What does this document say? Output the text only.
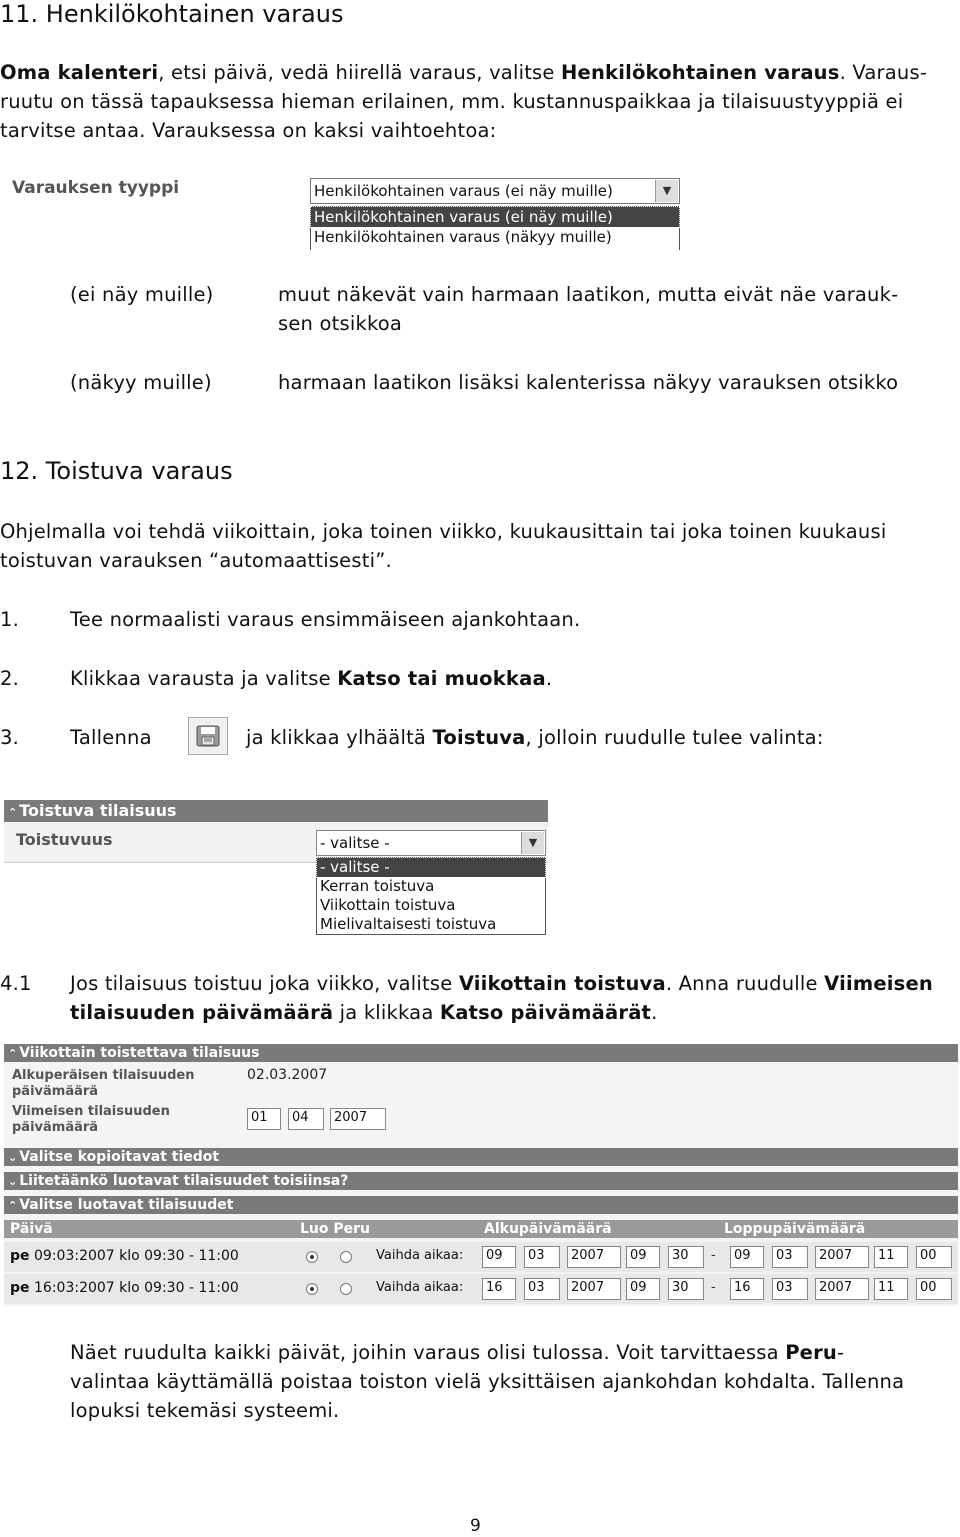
11. Henkilökohtainen varaus
Oma kalenteri, etsi päivä, vedä hiirellä varaus, valitse Henkilökohtainen varaus. Varaus-
ruutu on tässä tapauksessa hieman erilainen, mm. kustannuspaikkaa ja tilaisuustyyppiä ei
tarvitse antaa. Varauksessa on kaksi vaihtoehtoa:
Varauksen tyyppi	Henkilökohtainen varaus (ei näy muille)	▼
Henkilökohtainen varaus (ei näy muille)
Henkilökohtainen varaus (näkyy muille)
(ei näy muille)	muut näkevät vain harmaan laatikon, mutta eivät näe varauk-
sen otsikkoa
(näkyy muille)	harmaan laatikon lisäksi kalenterissa näkyy varauksen otsikko
12. Toistuva varaus
Ohjelmalla voi tehdä viikoittain, joka toinen viikko, kuukausittain tai joka toinen kuukausi
toistuvan varauksen “automaattisesti”.
1.	Tee normaalisti varaus ensimmäiseen ajankohtaan.
2.	Klikkaa varausta ja valitse Katso tai muokkaa.
3.	Tallenna	ja klikkaa ylhäältä Toistuva, jolloin ruudulle tulee valinta:
⌃ Toistuva tilaisuus
Toistuvuus	- valitse -	▼
- valitse -
Kerran toistuva
Viikottain toistuva
Mielivaltaisesti toistuva
4.1 Jos tilaisuus toistuu joka viikko, valitse Viikottain toistuva. Anna ruudulle Viimeisen
tilaisuuden päivämäärä ja klikkaa Katso päivämäärät.
⌃ Viikottain toistettava tilaisuus
Alkuperäisen tilaisuuden
päivämäärä
02.03.2007
Viimeisen tilaisuuden
päivämäärä
01	04	2007
⌄ Valitse kopioitavat tiedot
⌄ Liitetäänkö luotavat tilaisuudet toisiinsa?
⌃ Valitse luotavat tilaisuudet
Päivä	Luo Peru	Alkupäivämäärä	Loppupäivämäärä
pe 09:03:2007 klo 09:30 - 11:00	Vaihda aikaa:	09	03	2007	09	30	-	09	03	2007	11	00
pe 16:03:2007 klo 09:30 - 11:00	Vaihda aikaa:	16	03	2007	09	30	-	16	03	2007	11	00
Näet ruudulta kaikki päivät, joihin varaus olisi tulossa. Voit tarvittaessa Peru-
valintaa käyttämällä poistaa toiston vielä yksittäisen ajankohdan kohdalta. Tallenna
lopuksi tekemäsi systeemi.
9
